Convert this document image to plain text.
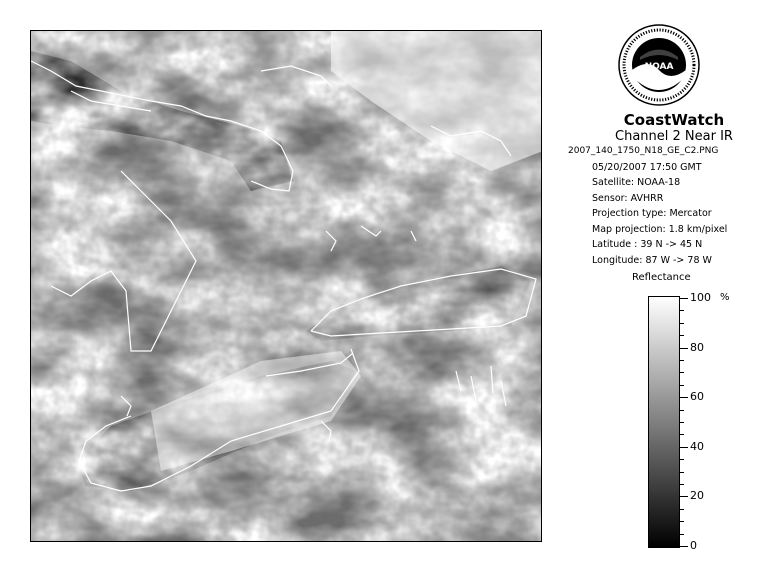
NOAA
CoastWatch
Channel 2 Near IR
2007_140_1750_N18_GE_C2.PNG
05/20/2007 17:50 GMT
Satellite: NOAA-18
Sensor: AVHRR
Projection type: Mercator
Map projection: 1.8 km/pixel
Latitude : 39 N -> 45 N
Longitude: 87 W -> 78 W
Reflectance
%
100
80
60
40
20
0
